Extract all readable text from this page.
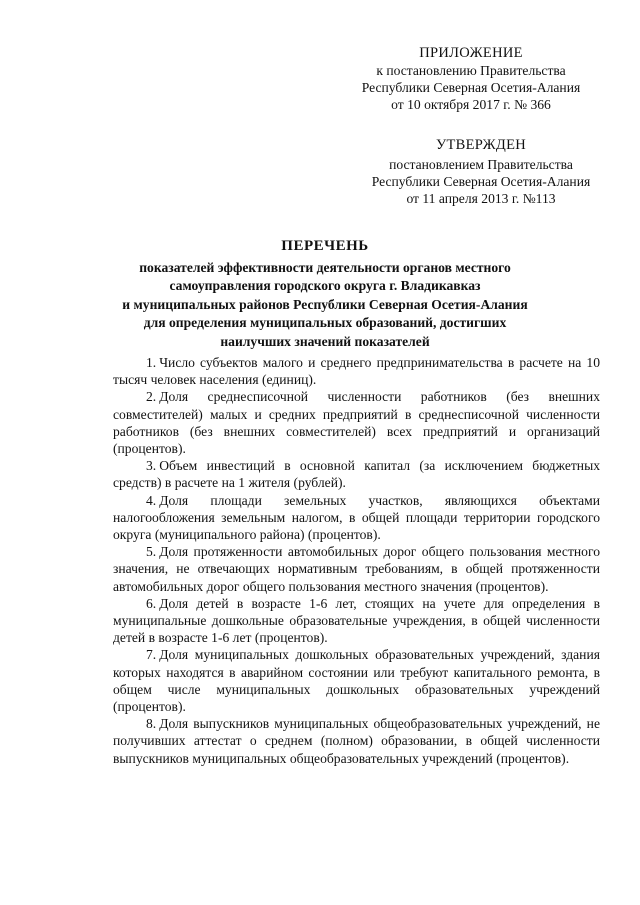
ПРИЛОЖЕНИЕ
к постановлению Правительства
Республики Северная Осетия-Алания
от 10 октября 2017 г. № 366
УТВЕРЖДЕН
постановлением Правительства
Республики Северная Осетия-Алания
от 11 апреля 2013 г. №113
ПЕРЕЧЕНЬ
показателей эффективности деятельности органов местного
самоуправления городского округа г. Владикавказ
и муниципальных районов Республики Северная Осетия-Алания
для определения муниципальных образований, достигших
наилучших значений показателей

1. Число субъектов малого и среднего предпринимательства в расчете на 10 тысяч человек населения (единиц).

2. Доля среднесписочной численности работников (без внешних совместителей) малых и средних предприятий в среднесписочной численности работников (без внешних совместителей) всех предприятий и организаций (процентов).

3. Объем инвестиций в основной капитал (за исключением бюджетных средств) в расчете на 1 жителя (рублей).

4. Доля площади земельных участков, являющихся объектами налогообложения земельным налогом, в общей площади территории городского округа (муниципального района) (процентов).

5. Доля протяженности автомобильных дорог общего пользования местного значения, не отвечающих нормативным требованиям, в общей протяженности автомобильных дорог общего пользования местного значения (процентов).

6. Доля детей в возрасте 1-6 лет, стоящих на учете для определения в муниципальные дошкольные образовательные учреждения, в общей численности детей в возрасте 1-6 лет (процентов).

7. Доля муниципальных дошкольных образовательных учреждений, здания которых находятся в аварийном состоянии или требуют капитального ремонта, в общем числе муниципальных дошкольных образовательных учреждений (процентов).

8. Доля выпускников муниципальных общеобразовательных учреждений, не получивших аттестат о среднем (полном) образовании, в общей численности выпускников муниципальных общеобразовательных учреждений (процентов).
